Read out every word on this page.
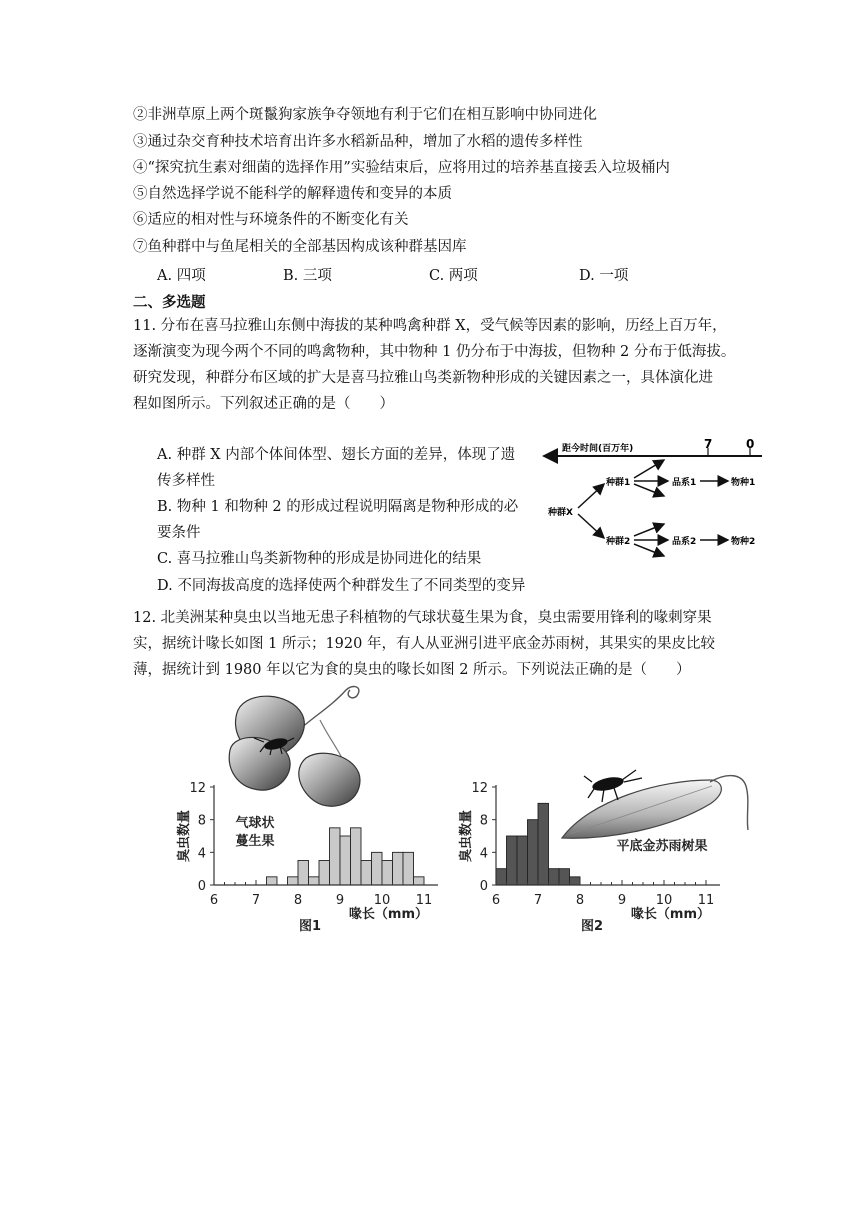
②非洲草原上两个斑鬣狗家族争夺领地有利于它们在相互影响中协同进化
③通过杂交育种技术培育出许多水稻新品种，增加了水稻的遗传多样性
④“探究抗生素对细菌的选择作用”实验结束后，应将用过的培养基直接丢入垃圾桶内
⑤自然选择学说不能科学的解释遗传和变异的本质
⑥适应的相对性与环境条件的不断变化有关
⑦鱼种群中与鱼尾相关的全部基因构成该种群基因库
A. 四项	B. 三项	C. 两项	D. 一项
二、多选题
11. 分布在喜马拉雅山东侧中海拔的某种鸣禽种群 X，受气候等因素的影响，历经上百万年，
逐渐演变为现今两个不同的鸣禽物种，其中物种 1 仍分布于中海拔，但物种 2 分布于低海拔。
研究发现，种群分布区域的扩大是喜马拉雅山鸟类新物种形成的关键因素之一，具体演化进
程如图所示。下列叙述正确的是（　　）
A. 种群 X 内部个体间体型、翅长方面的差异，体现了遗
传多样性
B. 物种 1 和物种 2 的形成过程说明隔离是物种形成的必
要条件
C. 喜马拉雅山鸟类新物种的形成是协同进化的结果
D. 不同海拔高度的选择使两个种群发生了不同类型的变异
距今时间(百万年)	7	0
种群X
种群1
种群2
品系1
品系2
物种1
物种2
12. 北美洲某种臭虫以当地无患子科植物的气球状蔓生果为食，臭虫需要用锋利的喙刺穿果
实，据统计喙长如图 1 所示；1920 年，有人从亚洲引进平底金苏雨树，其果实的果皮比较
薄，据统计到 1980 年以它为食的臭虫的喙长如图 2 所示。下列说法正确的是（　　）
0
4
8
12
6	7	8	9 10 11
臭虫数量
喙长（mm）
图1
气球状
蔓生果
0
4
8
12
6	7	8	9 10 11
臭虫数量
喙长（mm）
图2
平底金苏雨树果
